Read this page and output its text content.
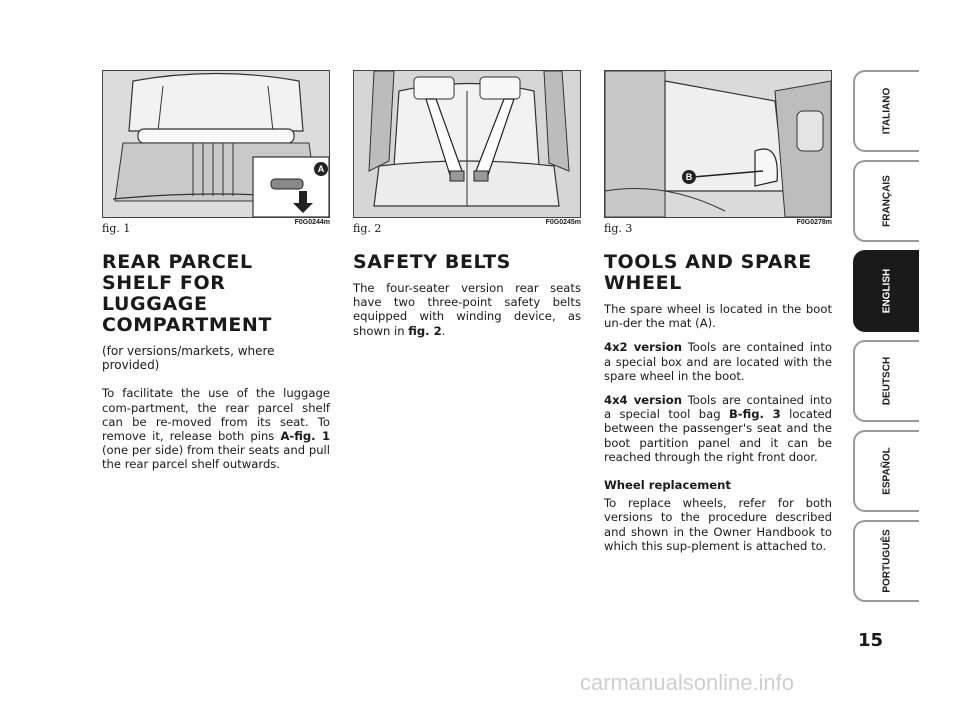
A
fig. 1	F0G0244m
REAR PARCEL SHELF FOR LUGGAGE COMPARTMENT

(for versions/markets, where provided)

To facilitate the use of the luggage com-partment, the rear parcel shelf can be re-moved from its seat. To remove it, release both pins A-fig. 1 (one per side) from their seats and pull the rear parcel shelf outwards.

fig. 2	F0G0245m
SAFETY BELTS

The four-seater version rear seats have two three-point safety belts equipped with winding device, as shown in fig. 2.

B
fig. 3	F0G0278m
TOOLS AND SPARE WHEEL

The spare wheel is located in the boot un-der the mat (A).

4x2 version Tools are contained into a special box and are located with the spare wheel in the boot.

4x4 version Tools are contained into a special tool bag B-fig. 3 located between the passenger's seat and the boot partition panel and it can be reached through the right front door.

Wheel replacement

To replace wheels, refer for both versions to the procedure described and shown in the Owner Handbook to which this sup-plement is attached to.

ITALIANO
FRANÇAIS
ENGLISH
DEUTSCH
ESPAÑOL
PORTUGUÊS
15
carmanualsonline.info
